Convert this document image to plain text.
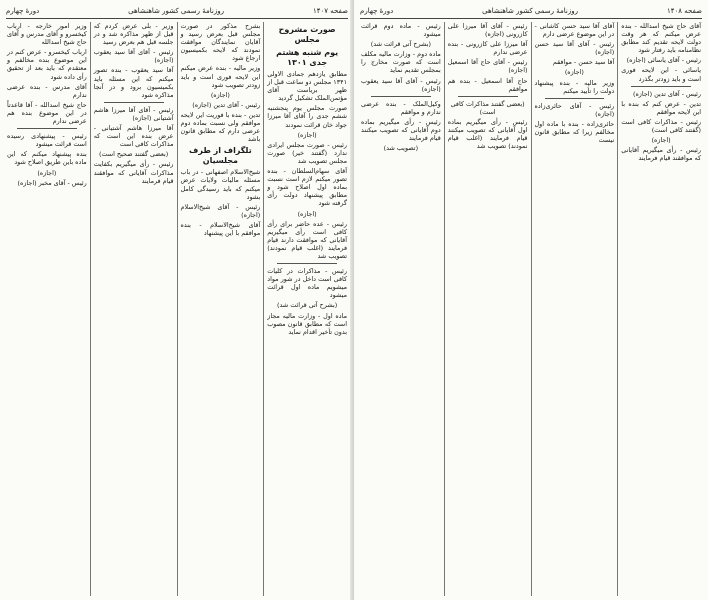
صفحه ۱۴۰۷
روزنامهٔ رسمی کشور شاهنشاهی
دورهٔ چهارم
صورت مشروح مجلس
یوم شنبه هشتم جدی ۱۳۰۱

مطابق یازدهم جمادی الاولی ۱۳۴۱ مجلس دو ساعت قبل از ظهر بریاست آقای مؤتمن‌الملک تشکیل گردید

صورت مجلس یوم پنجشنبه ششم جدی را آقای آقا میرزا جواد خان قرائت نمودند

(اجازه)

رئیس - صورت مجلس ایرادی ندارد (گفتند خیر) صورت مجلس تصویب شد

آقای سهام‌السلطان - بنده تصور میکنم لازم است نسبت بماده اول اصلاح شود و مطابق پیشنهاد دولت رأی گرفته شود

(اجازه)

رئیس - عده حاضر برای رأی کافی است رأی میگیریم آقایانی که موافقت دارند قیام فرمایند (اغلب قیام نمودند) تصویب شد

رئیس - مذاکرات در کلیات کافی است داخل در شور مواد میشویم ماده اول قرائت میشود

(بشرح آتی قرائت شد)

ماده اول - وزارت مالیه مجاز است که مطابق قانون مصوب بدون تأخیر اقدام نماید

بشرح مذکور در صورت مجلس قبل بعرض رسید و آقایان نمایندگان موافقت نمودند که لایحه بکمیسیون ارجاع شود

وزیر مالیه - بنده عرض میکنم این لایحه فوری است و باید زودتر تصویب شود

(اجازه)

رئیس - آقای تدین (اجازه)

تدین - بنده با فوریت این لایحه موافقم ولی نسبت بماده دوم عرضی دارم که مطابق قانون باشد

تلگراف از طرف مجلسیان

شیخ‌الاسلام اصفهانی - در باب مسئله مالیات ولایات عرض میکنم که باید رسیدگی کامل بشود

رئیس - آقای شیخ‌الاسلام (اجازه)

آقای شیخ‌الاسلام - بنده موافقم با این پیشنهاد

وزیر - بلی عرض کردم که قبل از ظهر مذاکره شد و در جلسه قبل هم بعرض رسید

رئیس - آقای آقا سید یعقوب (اجازه)

آقا سید یعقوب - بنده تصور میکنم که این مسئله باید بکمیسیون برود و در آنجا مذاکره شود

رئیس - آقای آقا میرزا هاشم آشتیانی (اجازه)

آقا میرزا هاشم آشتیانی - عرض بنده این است که مذاکرات کافی است

(بعضی گفتند صحیح است)

رئیس - رأی میگیریم بکفایت مذاکرات آقایانی که موافقند قیام فرمایند

وزیر امور خارجه - ارباب کیخسرو و آقای مدرس و آقای حاج شیخ اسدالله

ارباب کیخسرو - عرض کنم در این موضوع بنده مخالفم و معتقدم که باید بعد از تحقیق رأی داده شود

آقای مدرس - بنده عرضی ندارم

حاج شیخ اسدالله - آقا قاعدتاً در این موضوع بنده هم عرضی ندارم

رئیس - پیشنهادی رسیده است قرائت میشود

بنده پیشنهاد میکنم که این ماده باین طریق اصلاح شود

(اجازه)

رئیس - آقای مخبر (اجازه)

صفحه ۱۴۰۸
روزنامهٔ رسمی کشور شاهنشاهی
دورهٔ چهارم

آقای حاج شیخ اسدالله - بنده عرض میکنم که هر وقت دولت لایحه تقدیم کند مطابق نظامنامه باید رفتار شود

رئیس - آقای یاسائی (اجازه)

یاسائی - این لایحه فوری است و باید زودتر بگذرد

رئیس - آقای تدین (اجازه)

تدین - عرض کنم که بنده با این لایحه موافقم

رئیس - مذاکرات کافی است (گفتند کافی است)

(اجازه)

رئیس - رأی میگیریم آقایانی که موافقند قیام فرمایند

آقای آقا سید حسن کاشانی - در این موضوع عرضی دارم

رئیس - آقای آقا سید حسن (اجازه)

آقا سید حسن - موافقم

(اجازه)

وزیر مالیه - بنده پیشنهاد دولت را تأیید میکنم

رئیس - آقای حائری‌زاده (اجازه)

حائری‌زاده - بنده با ماده اول مخالفم زیرا که مطابق قانون نیست

رئیس - آقای آقا میرزا علی کازرونی (اجازه)

آقا میرزا علی کازرونی - بنده عرضی ندارم

رئیس - آقای حاج آقا اسمعیل (اجازه)

حاج آقا اسمعیل - بنده هم موافقم

(بعضی گفتند مذاکرات کافی است)

رئیس - رأی میگیریم بماده اول آقایانی که تصویب میکنند قیام فرمایند (اغلب قیام نمودند) تصویب شد

رئیس - ماده دوم قرائت میشود

(بشرح آتی قرائت شد)

ماده دوم - وزارت مالیه مکلف است که صورت مخارج را بمجلس تقدیم نماید

رئیس - آقای آقا سید یعقوب (اجازه)

وکیل‌الملک - بنده عرضی ندارم و موافقم

رئیس - رأی میگیریم بماده دوم آقایانی که تصویب میکنند قیام فرمایند

(تصویب شد)
